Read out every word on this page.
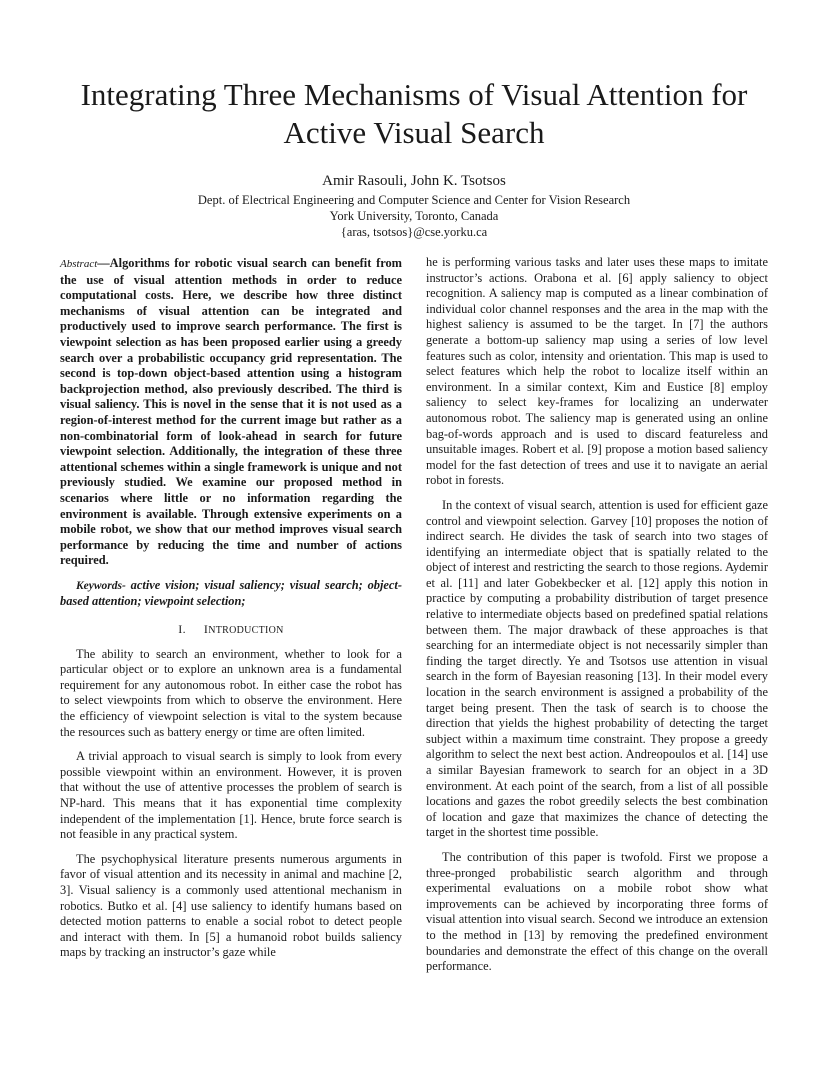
Integrating Three Mechanisms of Visual Attention for Active Visual Search
Amir Rasouli, John K. Tsotsos
Dept. of Electrical Engineering and Computer Science and Center for Vision Research
York University, Toronto, Canada
{aras, tsotsos}@cse.yorku.ca

Abstract—Algorithms for robotic visual search can benefit from the use of visual attention methods in order to reduce computational costs. Here, we describe how three distinct mechanisms of visual attention can be integrated and productively used to improve search performance. The first is viewpoint selection as has been proposed earlier using a greedy search over a probabilistic occupancy grid representation. The second is top-down object-based attention using a histogram backprojection method, also previously described. The third is visual saliency. This is novel in the sense that it is not used as a region-of-interest method for the current image but rather as a non-combinatorial form of look-ahead in search for future viewpoint selection. Additionally, the integration of these three attentional schemes within a single framework is unique and not previously studied. We examine our proposed method in scenarios where little or no information regarding the environment is available. Through extensive experiments on a mobile robot, we show that our method improves visual search performance by reducing the time and number of actions required.

Keywords- active vision; visual saliency; visual search; object-based attention; viewpoint selection;

I. INTRODUCTION

The ability to search an environment, whether to look for a particular object or to explore an unknown area is a fundamental requirement for any autonomous robot. In either case the robot has to select viewpoints from which to observe the environment. Here the efficiency of viewpoint selection is vital to the system because the resources such as battery energy or time are often limited.

A trivial approach to visual search is simply to look from every possible viewpoint within an environment. However, it is proven that without the use of attentive processes the problem of search is NP-hard. This means that it has exponential time complexity independent of the implementation [1]. Hence, brute force search is not feasible in any practical system.

The psychophysical literature presents numerous arguments in favor of visual attention and its necessity in animal and machine [2, 3]. Visual saliency is a commonly used attentional mechanism in robotics. Butko et al. [4] use saliency to identify humans based on detected motion patterns to enable a social robot to detect people and interact with them. In [5] a humanoid robot builds saliency maps by tracking an instructor’s gaze while

he is performing various tasks and later uses these maps to imitate instructor’s actions. Orabona et al. [6] apply saliency to object recognition. A saliency map is computed as a linear combination of individual color channel responses and the area in the map with the highest saliency is assumed to be the target. In [7] the authors generate a bottom-up saliency map using a series of low level features such as color, intensity and orientation. This map is used to select features which help the robot to localize itself within an environment. In a similar context, Kim and Eustice [8] employ saliency to select key-frames for localizing an underwater autonomous robot. The saliency map is generated using an online bag-of-words approach and is used to discard featureless and unsuitable images. Robert et al. [9] propose a motion based saliency model for the fast detection of trees and use it to navigate an aerial robot in forests.

In the context of visual search, attention is used for efficient gaze control and viewpoint selection. Garvey [10] proposes the notion of indirect search. He divides the task of search into two stages of identifying an intermediate object that is spatially related to the object of interest and restricting the search to those regions. Aydemir et al. [11] and later Gobekbecker et al. [12] apply this notion in practice by computing a probability distribution of target presence relative to intermediate objects based on predefined spatial relations between them. The major drawback of these approaches is that searching for an intermediate object is not necessarily simpler than finding the target directly. Ye and Tsotsos use attention in visual search in the form of Bayesian reasoning [13]. In their model every location in the search environment is assigned a probability of the target being present. Then the task of search is to choose the direction that yields the highest probability of detecting the target subject within a maximum time constraint. They propose a greedy algorithm to select the next best action. Andreopoulos et al. [14] use a similar Bayesian framework to search for an object in a 3D environment. At each point of the search, from a list of all possible locations and gazes the robot greedily selects the best combination of location and gaze that maximizes the chance of detecting the target in the shortest time possible.

The contribution of this paper is twofold. First we propose a three-pronged probabilistic search algorithm and through experimental evaluations on a mobile robot show what improvements can be achieved by incorporating three forms of visual attention into visual search. Second we introduce an extension to the method in [13] by removing the predefined environment boundaries and demonstrate the effect of this change on the overall performance.
